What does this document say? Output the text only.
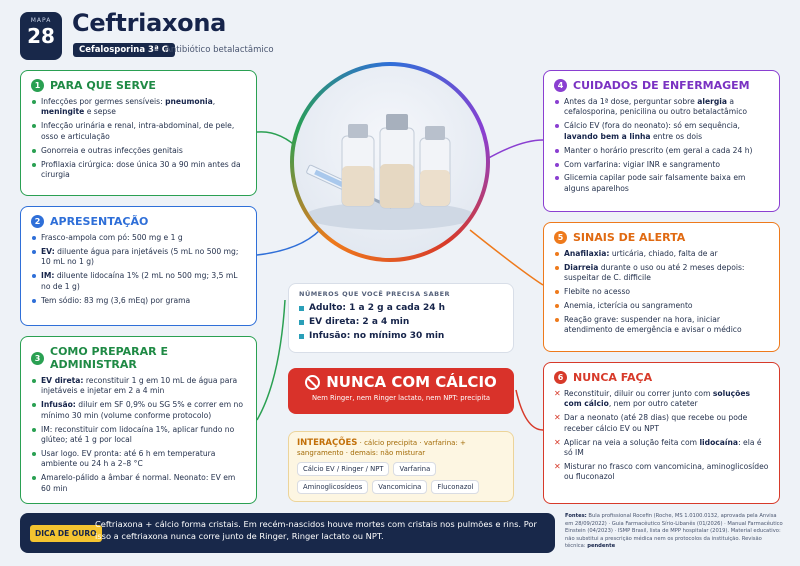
MAPA
28 Ceftriaxona
Cefalosporina 3ª G
Antibiótico betalactâmico
1 PARA QUE SERVE
Infecções por germes sensíveis: pneumonia, meningite e sepse
Infecção urinária e renal, intra-abdominal, de pele, osso e articulação
Gonorreia e outras infecções genitais
Profilaxia cirúrgica: dose única 30 a 90 min antes da cirurgia
2 APRESENTAÇÃO
Frasco-ampola com pó: 500 mg e 1 g
EV: diluente água para injetáveis (5 mL no 500 mg; 10 mL no 1 g)
IM: diluente lidocaína 1% (2 mL no 500 mg; 3,5 mL no de 1 g)
Tem sódio: 83 mg (3,6 mEq) por grama
3 COMO PREPARAR E ADMINISTRAR
EV direta: reconstituir 1 g em 10 mL de água para injetáveis e injetar em 2 a 4 min
Infusão: diluir em SF 0,9% ou SG 5% e correr em no mínimo 30 min (volume conforme protocolo)
IM: reconstituir com lidocaína 1%, aplicar fundo no glúteo; até 1 g por local
Usar logo. EV pronta: até 6 h em temperatura ambiente ou 24 h a 2–8 °C
Amarelo-pálido a âmbar é normal. Neonato: EV em 60 min
4 CUIDADOS DE ENFERMAGEM
Antes da 1ª dose, perguntar sobre alergia a cefalosporina, penicilina ou outro betalactâmico
Cálcio EV (fora do neonato): só em sequência, lavando bem a linha entre os dois
Manter o horário prescrito (em geral a cada 24 h)
Com varfarina: vigiar INR e sangramento
Glicemia capilar pode sair falsamente baixa em alguns aparelhos
5 SINAIS DE ALERTA
Anafilaxia: urticária, chiado, falta de ar
Diarreia durante o uso ou até 2 meses depois: suspeitar de C. difficile
Flebite no acesso
Anemia, icterícia ou sangramento
Reação grave: suspender na hora, iniciar atendimento de emergência e avisar o médico
6 NUNCA FAÇA
✕ Reconstituir, diluir ou correr junto com soluções com cálcio, nem por outro cateter
✕ Dar a neonato (até 28 dias) que recebe ou pode receber cálcio EV ou NPT
✕ Aplicar na veia a solução feita com lidocaína: ela é só IM
✕ Misturar no frasco com vancomicina, aminoglicosídeo ou fluconazol
NÚMEROS QUE VOCÊ PRECISA SABER
Adulto: 1 a 2 g a cada 24 h
EV direta: 2 a 4 min
Infusão: no mínimo 30 min
NUNCA COM CÁLCIO
Nem Ringer, nem Ringer lactato, nem NPT: precipita
INTERAÇÕES · cálcio precipita · varfarina: + sangramento · demais: não misturar
Cálcio EV / Ringer / NPT	Varfarina
Aminoglicosídeos	Vancomicina	Fluconazol
DICA DE OURO
Ceftriaxona + cálcio forma cristais. Em recém-nascidos houve mortes com cristais nos pulmões e rins. Por isso a ceftriaxona nunca corre junto de Ringer, Ringer lactato ou NPT.
Fontes: Bula profissional Rocefin (Roche, MS 1.0100.0132, aprovada pela Anvisa em 28/09/2022) · Guia Farmacêutico Sírio-Libanês (01/2026) · Manual Farmacêutico Einstein (04/2023) · ISMP Brasil, lista de MPP hospitalar (2019). Material educativo: não substitui a prescrição médica nem os protocolos da instituição. Revisão técnica: pendente
